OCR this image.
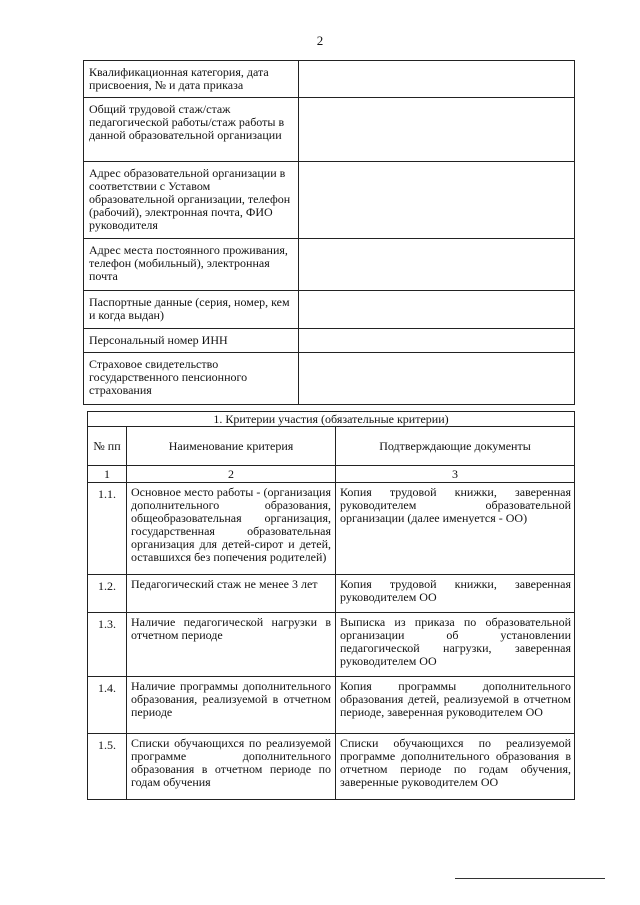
2
Квалификационная категория, дата присвоения, № и дата приказа	
Общий трудовой стаж/стаж педагогической работы/стаж работы в данной образовательной организации	
Адрес образовательной организации в соответствии с Уставом образовательной организации, телефон (рабочий), электронная почта, ФИО руководителя	
Адрес места постоянного проживания, телефон (мобильный), электронная почта	
Паспортные данные (серия, номер, кем и когда выдан)	
Персональный номер ИНН	
Страховое свидетельство государственного пенсионного страхования	
1. Критерии участия (обязательные критерии)		
№ пп	Наименование критерия	Подтверждающие документы
1	2	3
1.1.	Основное место работы - (организация дополнительного образования, общеобразовательная организация, государственная образовательная организация для детей-сирот и детей, оставшихся без попечения родителей)	Копия трудовой книжки, заверенная руководителем образовательной организации (далее именуется - ОО)
1.2.	Педагогический стаж не менее 3 лет	Копия трудовой книжки, заверенная руководителем ОО
1.3.	Наличие педагогической нагрузки в отчетном периоде	Выписка из приказа по образовательной организации об установлении педагогической нагрузки, заверенная руководителем ОО
1.4.	Наличие программы дополнительного образования, реализуемой в отчетном периоде	Копия программы дополнительного образования детей, реализуемой в отчетном периоде, заверенная руководителем ОО
1.5.	Списки обучающихся по реализуемой программе дополнительного образования в отчетном периоде по годам обучения	Списки обучающихся по реализуемой программе дополнительного образования в отчетном периоде по годам обучения, заверенные руководителем ОО
